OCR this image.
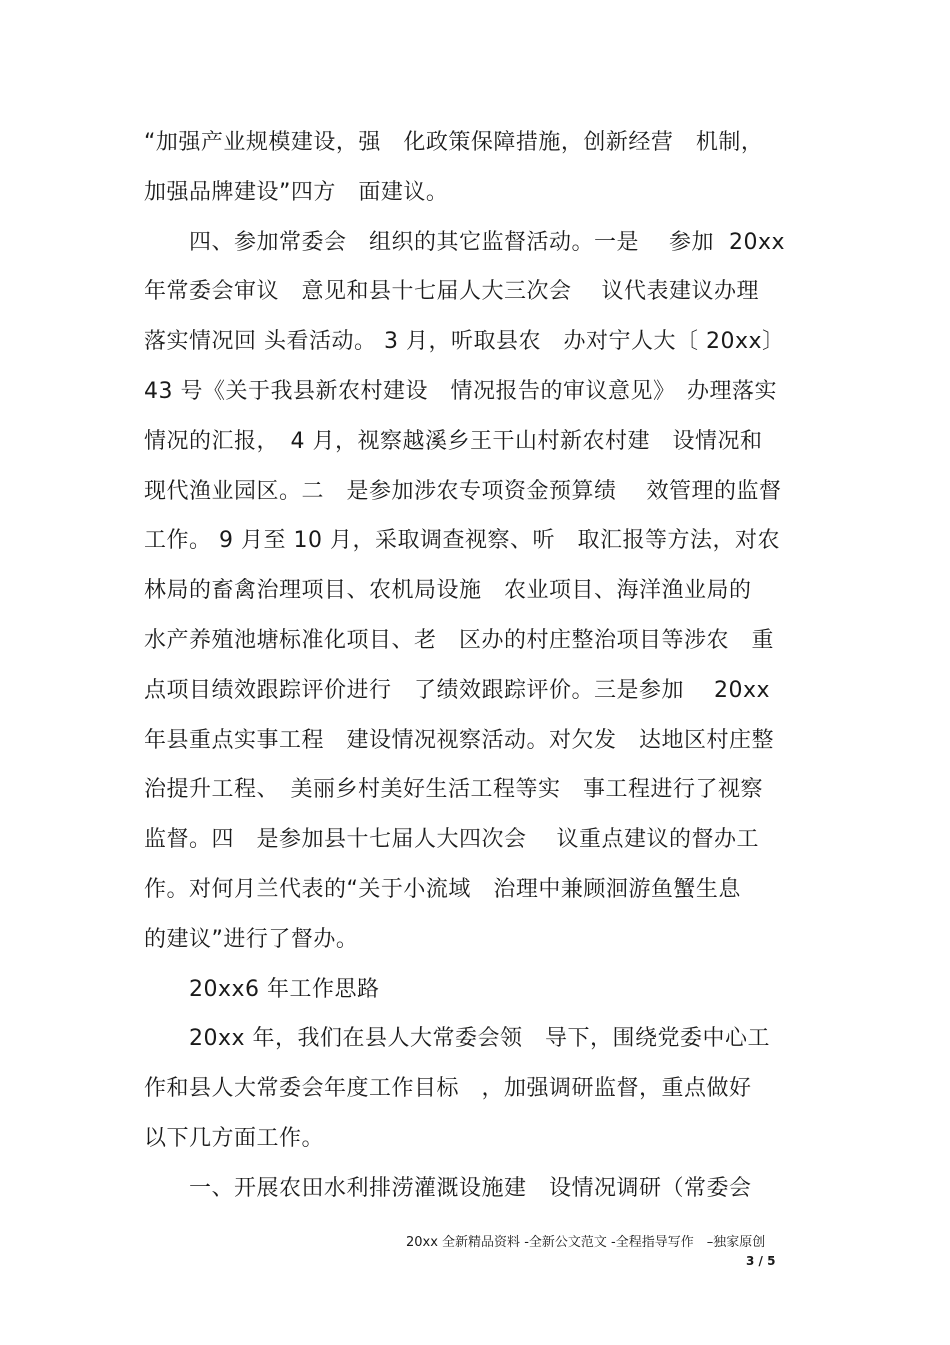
“加强产业规模建设，强　化政策保障措施，创新经营　机制，
加强品牌建设”四方　面建议。
　　四、参加常委会　组织的其它监督活动。一是　 参加  20xx
年常委会审议　意见和县十七届人大三次会　 议代表建议办理
落实情况回 头看活动。 3 月，听取县农　办对宁人大〔 20xx〕
43 号《关于我县新农村建设　情况报告的审议意见》　办理落实
情况的汇报，　4 月，视察越溪乡王干山村新农村建　设情况和
现代渔业园区。二　是参加涉农专项资金预算绩　 效管理的监督
工作。 9 月至 10 月，采取调查视察、听　取汇报等方法，对农
林局的畜禽治理项目、农机局设施　农业项目、海洋渔业局的
水产养殖池塘标准化项目、老　区办的村庄整治项目等涉农　重
点项目绩效跟踪评价进行　了绩效跟踪评价。三是参加　 20xx
年县重点实事工程　建设情况视察活动。对欠发　达地区村庄整
治提升工程、　美丽乡村美好生活工程等实　事工程进行了视察
监督。四　是参加县十七届人大四次会　 议重点建议的督办工
作。对何月兰代表的“关于小流域　治理中兼顾洄游鱼蟹生息
的建议”进行了督办。
　　20xx6 年工作思路
　　20xx 年，我们在县人大常委会领　导下，围绕党委中心工
作和县人大常委会年度工作目标　，加强调研监督，重点做好
以下几方面工作。
　　一、开展农田水利排涝灌溉设施建　设情况调研（常委会
20xx 全新精品资料 -全新公文范文 -全程指导写作　–独家原创
3 / 5
